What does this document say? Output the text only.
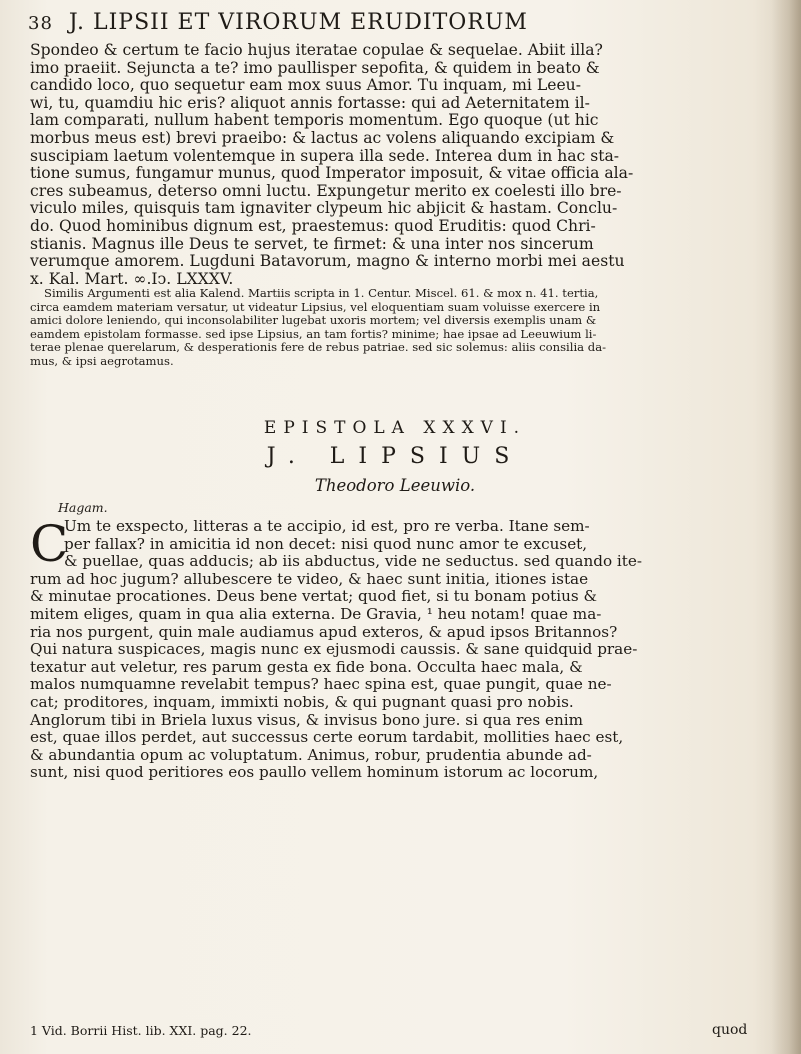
38 J. LIPSII ET VIRORUM ERUDITORUM
Spondeo & certum te facio hujus iteratae copulae & sequelae. Abiit illa?
imo praeiit. Sejuncta a te? imo paullisper sepofita, & quidem in beato &
candido loco, quo sequetur eam mox suus Amor. Tu inquam, mi Leeu-
wi, tu, quamdiu hic eris? aliquot annis fortasse: qui ad Aeternitatem il-
lam comparati, nullum habent temporis momentum. Ego quoque (ut hic
morbus meus est) brevi praeibo: & lactus ac volens aliquando excipiam &
suscipiam laetum volentemque in supera illa sede. Interea dum in hac sta-
tione sumus, fungamur munus, quod Imperator imposuit, & vitae officia ala-
cres subeamus, deterso omni luctu. Expungetur merito ex coelesti illo bre-
viculo miles, quisquis tam ignaviter clypeum hic abjicit & hastam. Conclu-
do. Quod hominibus dignum est, praestemus: quod Eruditis: quod Chri-
stianis. Magnus ille Deus te servet, te firmet: & una inter nos sincerum
verumque amorem. Lugduni Batavorum, magno & interno morbi mei aestu
x. Kal. Mart. ∞.Iↄ. LXXXV.
Similis Argumenti est alia Kalend. Martiis scripta in 1. Centur. Miscel. 61. & mox n. 41. tertia,
circa eamdem materiam versatur, ut videatur Lipsius, vel eloquentiam suam voluisse exercere in
amici dolore leniendo, qui inconsolabiliter lugebat uxoris mortem; vel diversis exemplis unam &
eamdem epistolam formasse. sed ipse Lipsius, an tam fortis? minime; hae ipsae ad Leeuwium li-
terae plenae querelarum, & desperationis fere de rebus patriae. sed sic solemus: aliis consilia da-
mus, & ipsi aegrotamus.
EPISTOLA XXXVI.
J. LIPSIUS
Theodoro Leeuwio.
Hagam.
C
Um te exspecto, litteras a te accipio, id est, pro re verba. Itane sem-
per fallax? in amicitia id non decet: nisi quod nunc amor te excuset,
& puellae, quas adducis; ab iis abductus, vide ne seductus. sed quando ite-
rum ad hoc jugum? allubescere te video, & haec sunt initia, itiones istae
& minutae procationes. Deus bene vertat; quod fiet, si tu bonam potius &
mitem eliges, quam in qua alia externa. De Gravia, ¹ heu notam! quae ma-
ria nos purgent, quin male audiamus apud exteros, & apud ipsos Britannos?
Qui natura suspicaces, magis nunc ex ejusmodi caussis. & sane quidquid prae-
texatur aut veletur, res parum gesta ex fide bona. Occulta haec mala, &
malos numquamne revelabit tempus? haec spina est, quae pungit, quae ne-
cat; proditores, inquam, immixti nobis, & qui pugnant quasi pro nobis.
Anglorum tibi in Briela luxus visus, & invisus bono jure. si qua res enim
est, quae illos perdet, aut successus certe eorum tardabit, mollities haec est,
& abundantia opum ac voluptatum. Animus, robur, prudentia abunde ad-
sunt, nisi quod peritiores eos paullo vellem hominum istorum ac locorum,
1 Vid. Borrii Hist. lib. XXI. pag. 22.	quod
